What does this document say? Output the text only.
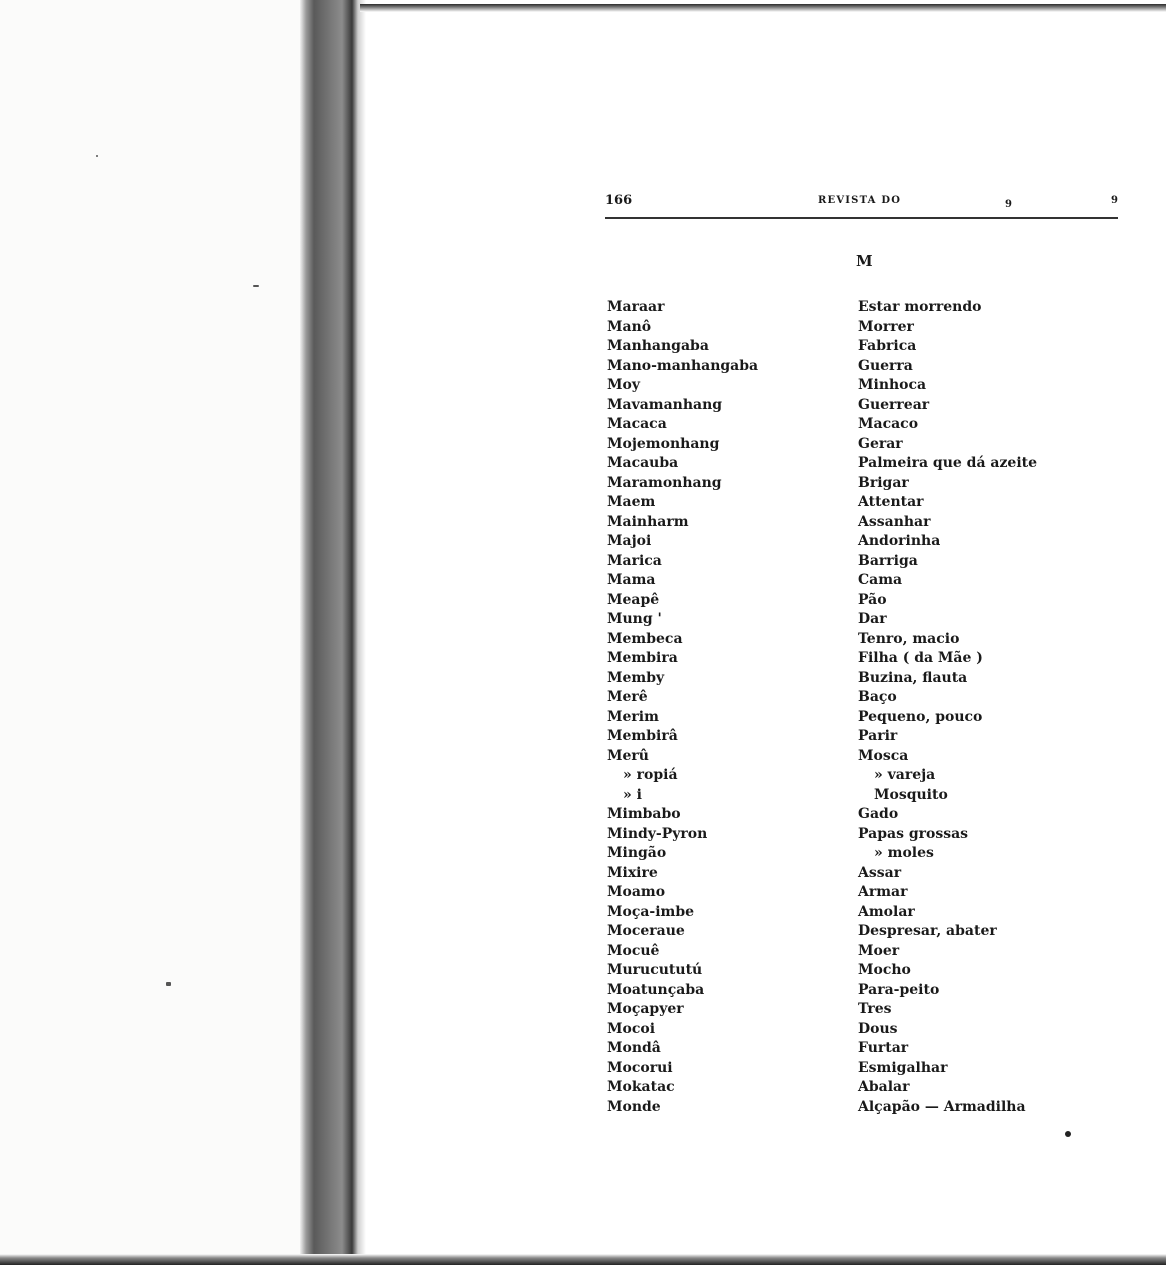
166	REVISTA DO	9	9
M
Maraar	Estar morrendo
Manô	Morrer
Manhangaba	Fabrica
Mano-manhangaba	Guerra
Moy	Minhoca
Mavamanhang	Guerrear
Macaca	Macaco
Mojemonhang	Gerar
Macauba	Palmeira que dá azeite
Maramonhang	Brigar
Maem	Attentar
Mainharm	Assanhar
Majoi	Andorinha
Marica	Barriga
Mama	Cama
Meapê	Pão
Mung '	Dar
Membeca	Tenro, macio
Membira	Filha ( da Mãe )
Memby	Buzina, flauta
Merê	Baço
Merim	Pequeno, pouco
Membirâ	Parir
Merû	Mosca
» ropiá	» vareja
» i	Mosquito
Mimbabo	Gado
Mindy-Pyron	Papas grossas
Mingão	» moles
Mixire	Assar
Moamo	Armar
Moça-imbe	Amolar
Moceraue	Despresar, abater
Mocuê	Moer
Murucututú	Mocho
Moatunçaba	Para-peito
Moçapyer	Tres
Mocoi	Dous
Mondâ	Furtar
Mocorui	Esmigalhar
Mokatac	Abalar
Monde	Alçapão — Armadilha
